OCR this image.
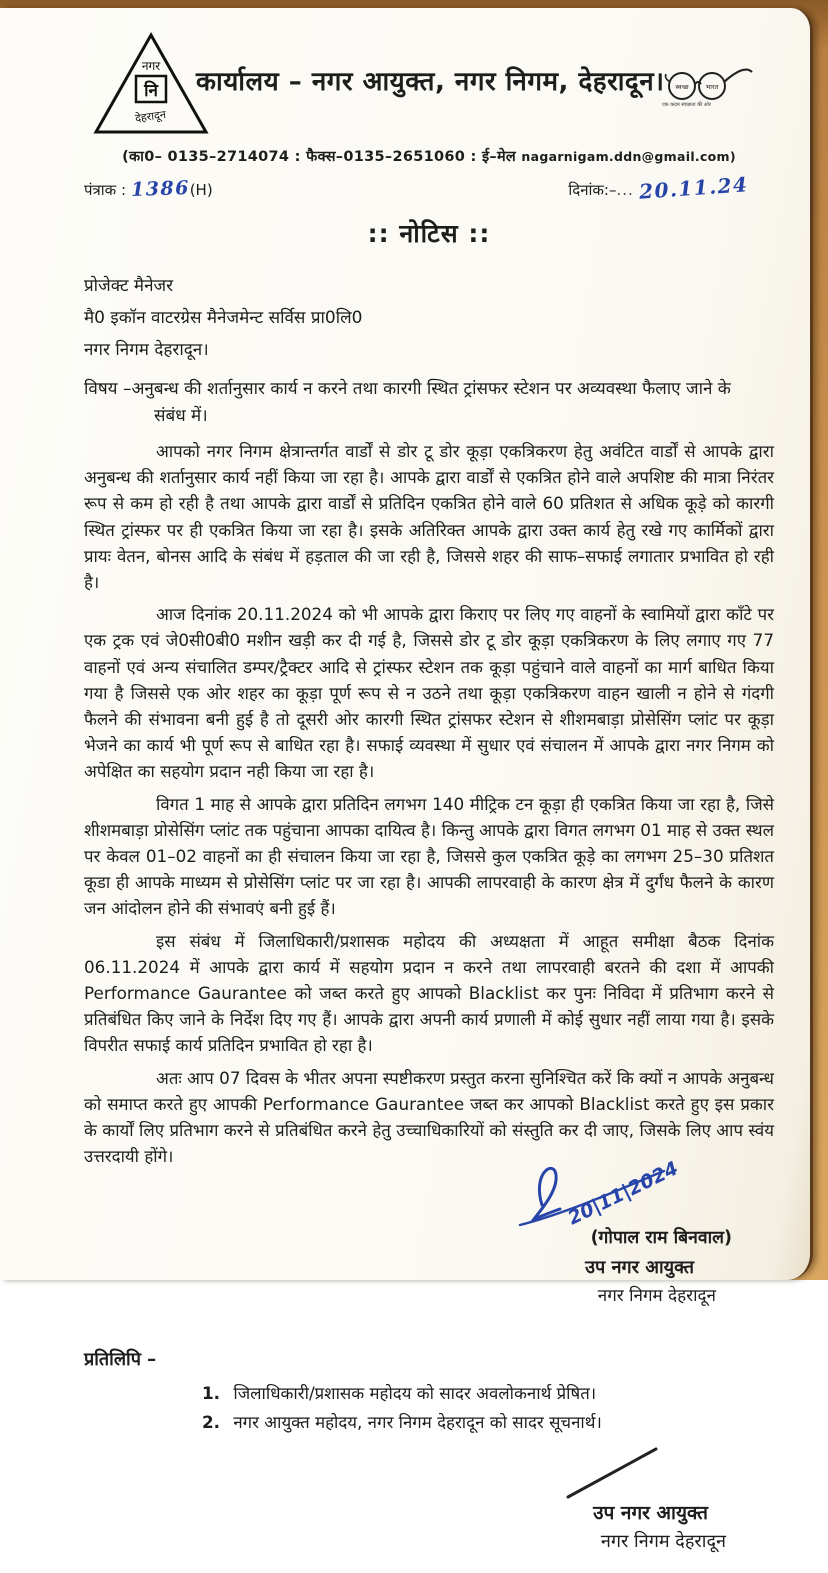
नगर
नि
देहरादून
कार्यालय – नगर आयुक्त, नगर निगम, देहरादून।	स्वच्छ	भारत
एक कदम स्वच्छता की ओर
(का0– 0135–2714074 : फैक्स–0135–2651060 : ई–मेल nagarnigam.ddn@gmail.com)
पंत्राक : 1386(H)	दिनांक:–... 20.11.24
:: नोटिस ::
प्रोजेक्ट मैनेजर
मै0 इकॉन वाटरग्रेस मैनेजमेन्ट सर्विस प्रा0लि0
नगर निगम देहरादून।
विषय –अनुबन्ध की शर्तानुसार कार्य न करने तथा कारगी स्थित ट्रांसफर स्टेशन पर अव्यवस्था फैलाए जाने के
संबंध में।

आपको नगर निगम क्षेत्रान्तर्गत वार्डों से डोर टू डोर कूड़ा एकत्रिकरण हेतु अवंटित वार्डों से आपके द्वारा अनुबन्ध की शर्तानुसार कार्य नहीं किया जा रहा है। आपके द्वारा वार्डों से एकत्रित होने वाले अपशिष्ट की मात्रा निरंतर रूप से कम हो रही है तथा आपके द्वारा वार्डों से प्रतिदिन एकत्रित होने वाले 60 प्रतिशत से अधिक कूड़े को कारगी स्थित ट्रांस्फर पर ही एकत्रित किया जा रहा है। इसके अतिरिक्त आपके द्वारा उक्त कार्य हेतु रखे गए कार्मिकों द्वारा प्रायः वेतन, बोनस आदि के संबंध में हड़ताल की जा रही है, जिससे शहर की साफ–सफाई लगातार प्रभावित हो रही है।

आज दिनांक 20.11.2024 को भी आपके द्वारा किराए पर लिए गए वाहनों के स्वामियों द्वारा काँटे पर एक ट्रक एवं जे0सी0बी0 मशीन खड़ी कर दी गई है, जिससे डोर टू डोर कूड़ा एकत्रिकरण के लिए लगाए गए 77 वाहनों एवं अन्य संचालित डम्पर/ट्रैक्टर आदि से ट्रांस्फर स्टेशन तक कूड़ा पहुंचाने वाले वाहनों का मार्ग बाधित किया गया है जिससे एक ओर शहर का कूड़ा पूर्ण रूप से न उठने तथा कूड़ा एकत्रिकरण वाहन खाली न होने से गंदगी फैलने की संभावना बनी हुई है तो दूसरी ओर कारगी स्थित ट्रांसफर स्टेशन से शीशमबाड़ा प्रोसेसिंग प्लांट पर कूड़ा भेजने का कार्य भी पूर्ण रूप से बाधित रहा है। सफाई व्यवस्था में सुधार एवं संचालन में आपके द्वारा नगर निगम को अपेक्षित का सहयोग प्रदान नही किया जा रहा है।

विगत 1 माह से आपके द्वारा प्रतिदिन लगभग 140 मीट्रिक टन कूड़ा ही एकत्रित किया जा रहा है, जिसे शीशमबाड़ा प्रोसेसिंग प्लांट तक पहुंचाना आपका दायित्व है। किन्तु आपके द्वारा विगत लगभग 01 माह से उक्त स्थल पर केवल 01–02 वाहनों का ही संचालन किया जा रहा है, जिससे कुल एकत्रित कूड़े का लगभग 25–30 प्रतिशत कूडा ही आपके माध्यम से प्रोसेसिंग प्लांट पर जा रहा है। आपकी लापरवाही के कारण क्षेत्र में दुर्गंध फैलने के कारण जन आंदोलन होने की संभावएं बनी हुई हैं।

इस संबंध में जिलाधिकारी/प्रशासक महोदय की अध्यक्षता में आहूत समीक्षा बैठक दिनांक 06.11.2024 में आपके द्वारा कार्य में सहयोग प्रदान न करने तथा लापरवाही बरतने की दशा में आपकी Performance Gaurantee को जब्त करते हुए आपको Blacklist कर पुनः निविदा में प्रतिभाग करने से प्रतिबंधित किए जाने के निर्देश दिए गए हैं। आपके द्वारा अपनी कार्य प्रणाली में कोई सुधार नहीं लाया गया है। इसके विपरीत सफाई कार्य प्रतिदिन प्रभावित हो रहा है।

अतः आप 07 दिवस के भीतर अपना स्पष्टीकरण प्रस्तुत करना सुनिश्चित करें कि क्यों न आपके अनुबन्ध को समाप्त करते हुए आपकी Performance Gaurantee जब्त कर आपको Blacklist करते हुए इस प्रकार के कार्यों लिए प्रतिभाग करने से प्रतिबंधित करने हेतु उच्चाधिकारियों को संस्तुति कर दी जाए, जिसके लिए आप स्वंय उत्तरदायी होंगे।

20|11|2024
(गोपाल राम बिनवाल)
उप नगर आयुक्त
नगर निगम देहरादून
प्रतिलिपि –
1. जिलाधिकारी/प्रशासक महोदय को सादर अवलोकनार्थ प्रेषित।
2. नगर आयुक्त महोदय, नगर निगम देहरादून को सादर सूचनार्थ।
उप नगर आयुक्त
नगर निगम देहरादून
